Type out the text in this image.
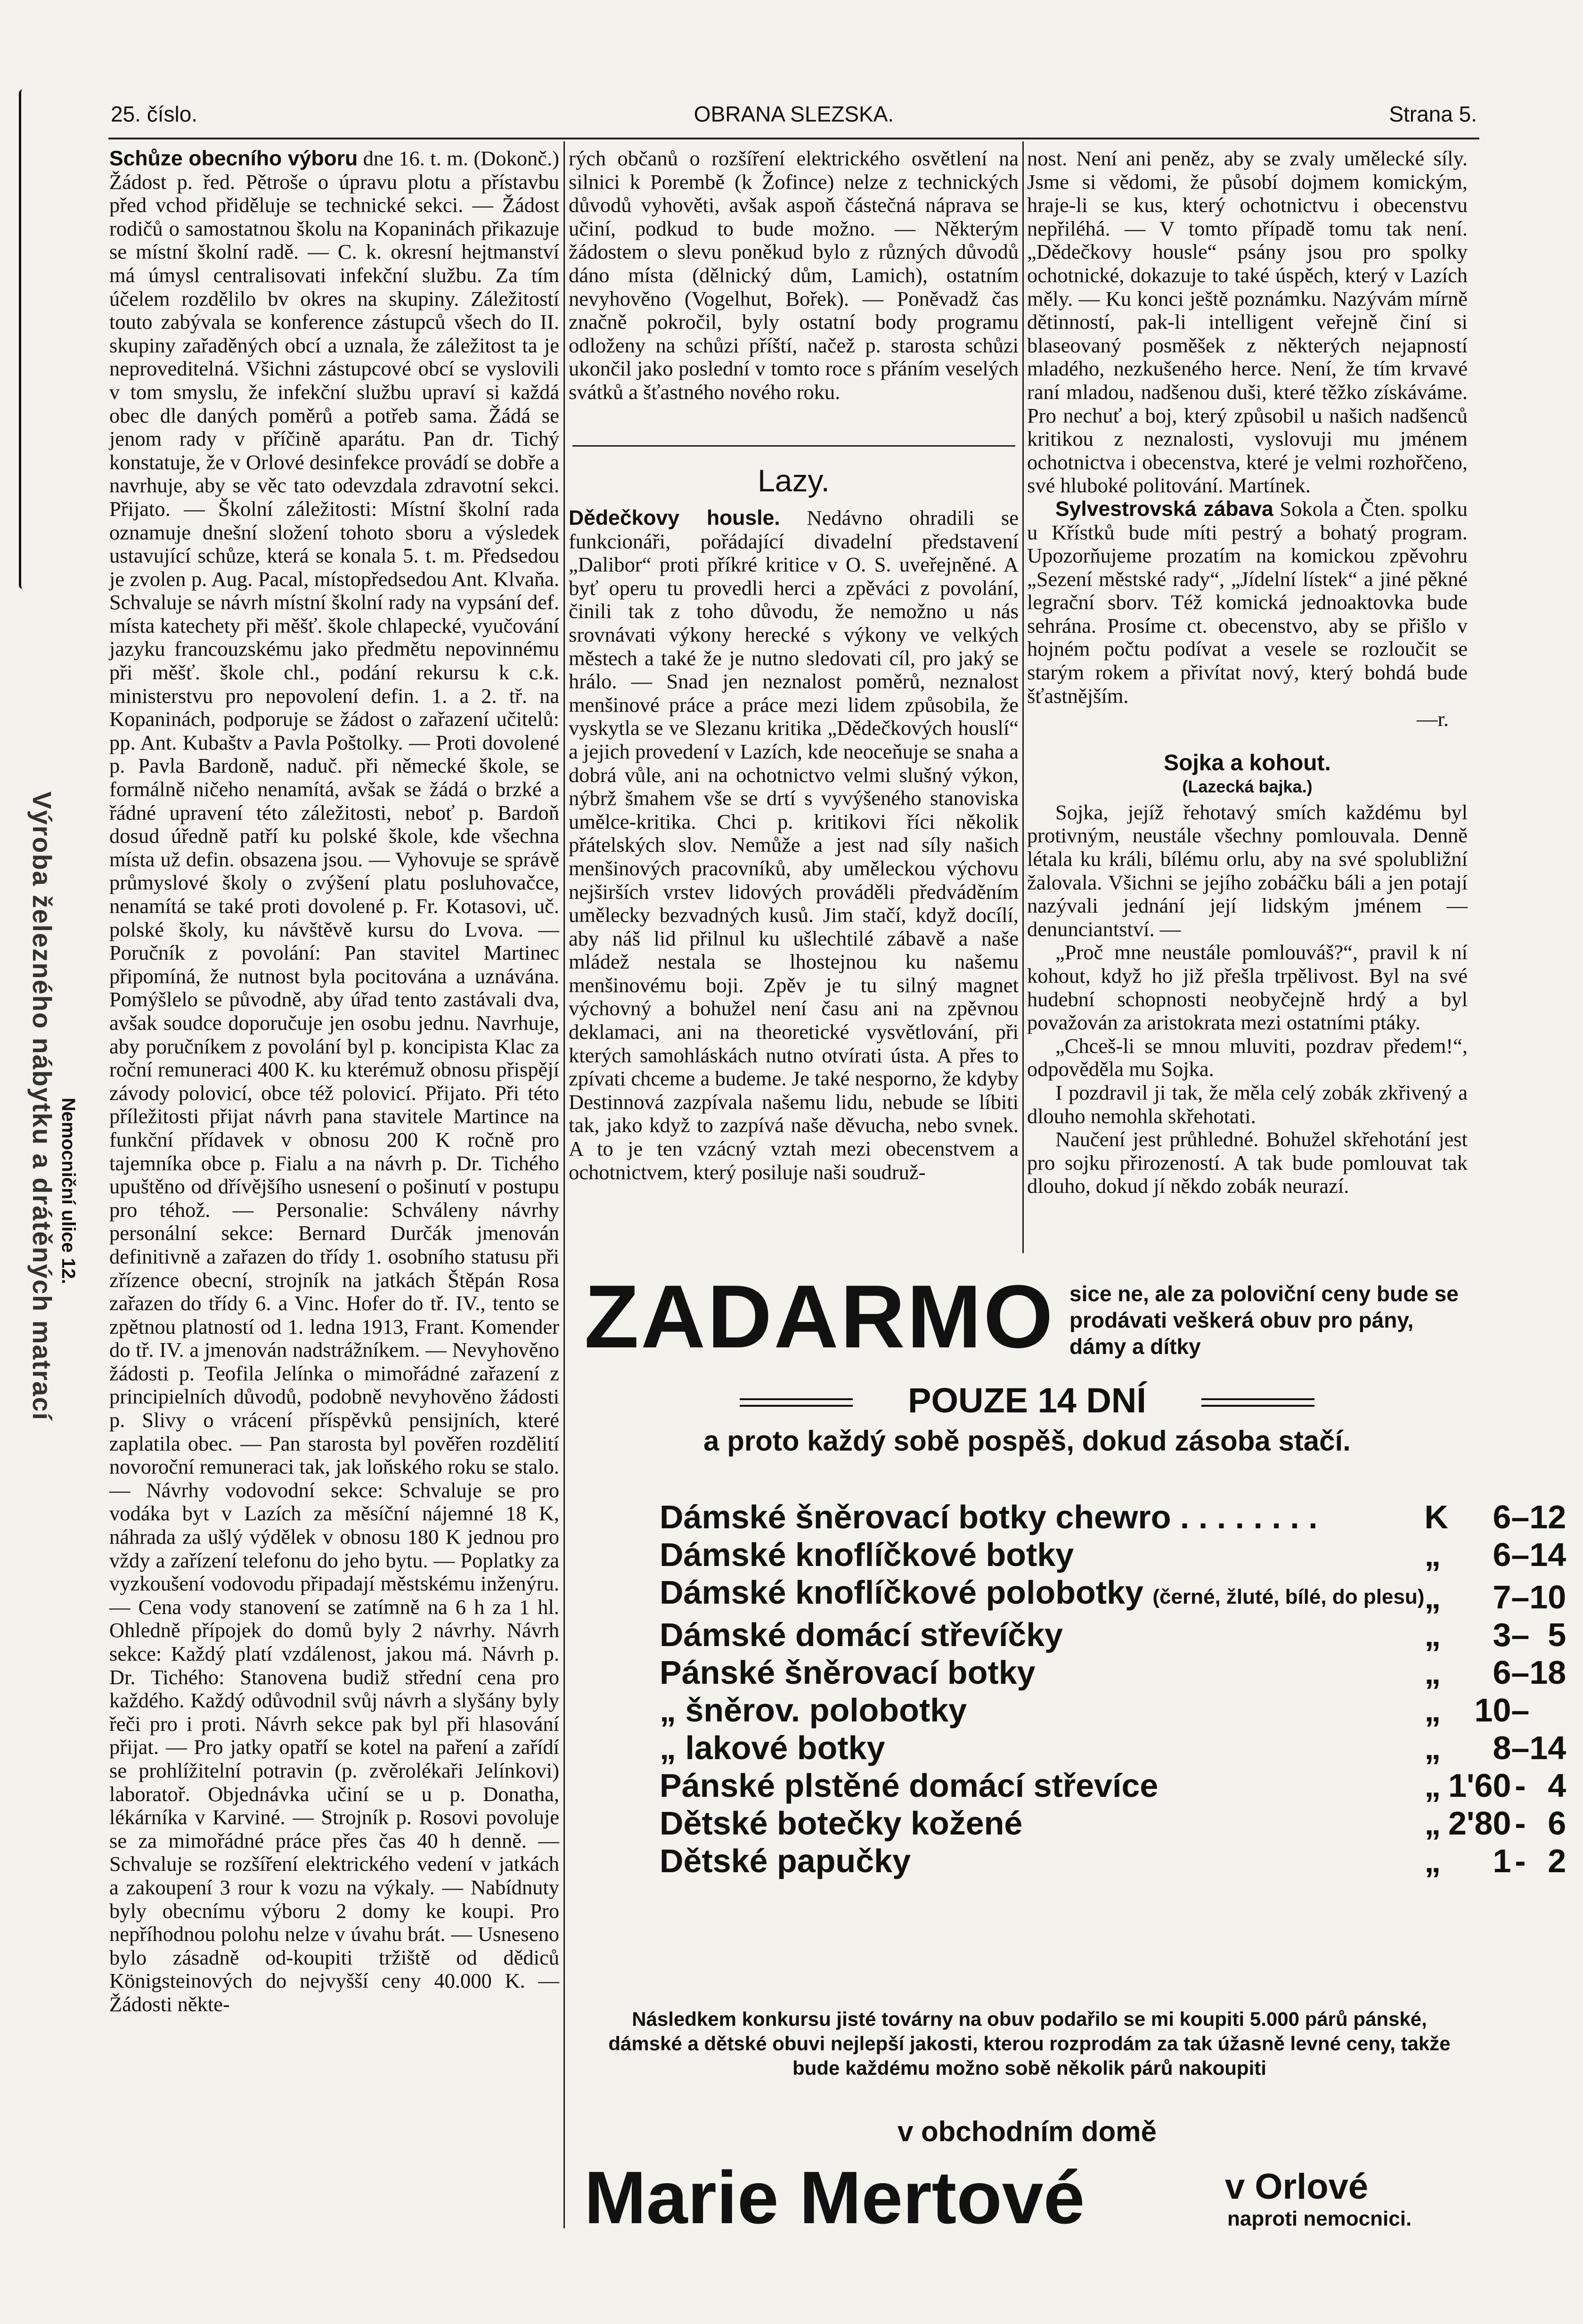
25. číslo.	OBRANA SLEZSKA.	Strana 5.

Schůze obecního výboru dne 16. t. m. (Dokonč.) Žádost p. řed. Pětroše o úpravu plotu a přístavbu před vchod přiděluje se technické sekci. — Žádost rodičů o samostatnou školu na Kopaninách přikazuje se místní školní radě. — C. k. okresní hejtmanství má úmysl centralisovati infekční službu. Za tím účelem rozdělilo bv okres na skupiny. Záležitostí touto zabývala se konference zástupců všech do II. skupiny zařaděných obcí a uznala, že záležitost ta je neproveditelná. Všichni zástupcové obcí se vyslovili v tom smyslu, že infekční službu upraví si každá obec dle daných poměrů a potřeb sama. Žádá se jenom rady v příčině aparátu. Pan dr. Tichý konstatuje, že v Orlové desinfekce provádí se dobře a navrhuje, aby se věc tato odevzdala zdravotní sekci. Přijato. — Školní záležitosti: Místní školní rada oznamuje dnešní složení tohoto sboru a výsledek ustavující schůze, která se konala 5. t. m. Předsedou je zvolen p. Aug. Pacal, místopředsedou Ant. Klvaňa. Schvaluje se návrh místní školní rady na vypsání def. místa katechety při měšť. škole chlapecké, vyučování jazyku francouzskému jako předmětu nepovinnému při měšť. škole chl., podání rekursu k c.k. ministerstvu pro nepovolení defin. 1. a 2. tř. na Kopaninách, podporuje se žádost o zařazení učitelů: pp. Ant. Kubaštv a Pavla Poštolky. — Proti dovolené p. Pavla Bardoně, naduč. při německé škole, se formálně ničeho nenamítá, avšak se žádá o brzké a řádné upravení této záležitosti, neboť p. Bardoň dosud úředně patří ku polské škole, kde všechna místa už defin. obsazena jsou. — Vyhovuje se správě průmyslové školy o zvýšení platu posluhovačce, nenamítá se také proti dovolené p. Fr. Kotasovi, uč. polské školy, ku návštěvě kursu do Lvova. — Poručník z povolání: Pan stavitel Martinec připomíná, že nutnost byla pocitována a uznávána. Pomýšlelo se původně, aby úřad tento zastávali dva, avšak soudce doporučuje jen osobu jednu. Navrhuje, aby poručníkem z povolání byl p. koncipista Klac za roční remuneraci 400 K. ku kterémuž obnosu přispějí závody polovicí, obce též polovicí. Přijato. Při této příležitosti přijat návrh pana stavitele Martince na funkční přídavek v obnosu 200 K ročně pro tajemníka obce p. Fialu a na návrh p. Dr. Tichého upuštěno od dřívějšího usnesení o pošinutí v postupu pro téhož. — Personalie: Schváleny návrhy personální sekce: Bernard Durčák jmenován definitivně a zařazen do třídy 1. osobního statusu při zřízence obecní, strojník na jatkách Štěpán Rosa zařazen do třídy 6. a Vinc. Hofer do tř. IV., tento se zpětnou platností od 1. ledna 1913, Frant. Komender do tř. IV. a jmenován nadstrážníkem. — Nevyhověno žádosti p. Teofila Jelínka o mimořádné zařazení z principielních důvodů, podobně nevyhověno žádosti p. Slivy o vrácení příspěvků pensijních, které zaplatila obec. — Pan starosta byl pověřen rozdělití novoroční remuneraci tak, jak loňského roku se stalo. — Návrhy vodovodní sekce: Schvaluje se pro vodáka byt v Lazích za měsíční nájemné 18 K, náhrada za ušlý výdělek v obnosu 180 K jednou pro vždy a zařízení telefonu do jeho bytu. — Poplatky za vyzkoušení vodovodu připadají městskému inženýru. — Cena vody stanovení se zatímně na 6 h za 1 hl. Ohledně přípojek do domů byly 2 návrhy. Návrh sekce: Každý platí vzdálenost, jakou má. Návrh p. Dr. Tichého: Stanovena budiž střední cena pro každého. Každý odůvodnil svůj návrh a slyšány byly řeči pro i proti. Návrh sekce pak byl při hlasování přijat. — Pro jatky opatří se kotel na paření a zařídí se prohlížitelní potravin (p. zvěrolékaři Jelínkovi) laboratoř. Objednávka učiní se u p. Donatha, lékárníka v Karviné. — Strojník p. Rosovi povoluje se za mimořádné práce přes čas 40 h denně. — Schvaluje se rozšíření elektrického vedení v jatkách a zakoupení 3 rour k vozu na výkaly. — Nabídnuty byly obecnímu výboru 2 domy ke koupi. Pro nepříhodnou polohu nelze v úvahu brát. — Usneseno bylo zásadně od-koupiti tržiště od dědiců Königsteinových do nejvyšší ceny 40.000 K. — Žádosti někte-

rých občanů o rozšíření elektrického osvětlení na silnici k Porembě (k Žofince) nelze z technických důvodů vyhověti, avšak aspoň částečná náprava se učiní, podkud to bude možno. — Některým žádostem o slevu poněkud bylo z různých důvodů dáno místa (dělnický dům, Lamich), ostatním nevyhověno (Vogelhut, Bořek). — Poněvadž čas značně pokročil, byly ostatní body programu odloženy na schůzi příští, načež p. starosta schůzi ukončil jako poslední v tomto roce s přáním veselých svátků a šťastného nového roku.

Lazy.

Dědečkovy housle. Nedávno ohradili se funkcionáři, pořádající divadelní představení „Dalibor“ proti příkré kritice v O. S. uveřejněné. A byť operu tu provedli herci a zpěváci z povolání, činili tak z toho důvodu, že nemožno u nás srovnávati výkony herecké s výkony ve velkých městech a také že je nutno sledovati cíl, pro jaký se hrálo. — Snad jen neznalost poměrů, neznalost menšinové práce a práce mezi lidem způsobila, že vyskytla se ve Slezanu kritika „Dědečkových houslí“ a jejich provedení v Lazích, kde neoceňuje se snaha a dobrá vůle, ani na ochotnictvo velmi slušný výkon, nýbrž šmahem vše se drtí s vyvýšeného stanoviska umělce-kritika. Chci p. kritikovi říci několik přátelských slov. Nemůže a jest nad síly našich menšinových pracovníků, aby uměleckou výchovu nejširších vrstev lidových prováděli předváděním umělecky bezvadných kusů. Jim stačí, když docílí, aby náš lid přilnul ku ušlechtilé zábavě a naše mládež nestala se lhostejnou ku našemu menšinovému boji. Zpěv je tu silný magnet výchovný a bohužel není času ani na zpěvnou deklamaci, ani na theoretické vysvětlování, při kterých samohláskách nutno otvírati ústa. A přes to zpívati chceme a budeme. Je také nesporno, že kdyby Destinnová zazpívala našemu lidu, nebude se líbiti tak, jako když to zazpívá naše děvucha, nebo svnek. A to je ten vzácný vztah mezi obecenstvem a ochotnictvem, který posiluje naši soudruž-

nost. Není ani peněz, aby se zvaly umělecké síly. Jsme si vědomi, že působí dojmem komickým, hraje-li se kus, který ochotnictvu i obecenstvu nepřiléhá. — V tomto případě tomu tak není. „Dědečkovy housle“ psány jsou pro spolky ochotnické, dokazuje to také úspěch, který v Lazích měly. — Ku konci ještě poznámku. Nazývám mírně dětinností, pak-li intelligent veřejně činí si blaseovaný posměšek z některých nejapností mladého, nezkušeného herce. Není, že tím krvavé raní mladou, nadšenou duši, které těžko získáváme. Pro nechuť a boj, který způsobil u našich nadšenců kritikou z neznalosti, vyslovuji mu jménem ochotnictva i obecenstva, které je velmi rozhořčeno, své hluboké politování. Martínek.

Sylvestrovská zábava Sokola a Čten. spolku u Křístků bude míti pestrý a bohatý program. Upozorňujeme prozatím na komickou zpěvohru „Sezení městské rady“, „Jídelní lístek“ a jiné pěkné legrační sborv. Též komická jednoaktovka bude sehrána. Prosíme ct. obecenstvo, aby se přišlo v hojném počtu podívat a vesele se rozloučit se starým rokem a přivítat nový, který bohdá bude šťastnějším.

—r.

Sojka a kohout.
(Lazecká bajka.)

Sojka, jejíž řehotavý smích každému byl protivným, neustále všechny pomlouvala. Denně létala ku králi, bílému orlu, aby na své spolubližní žalovala. Všichni se jejího zobáčku báli a jen potají nazývali jednání její lidským jménem — denunciantství. —

„Proč mne neustále pomlouváš?“, pravil k ní kohout, když ho již přešla trpělivost. Byl na své hudební schopnosti neobyčejně hrdý a byl považován za aristokrata mezi ostatními ptáky.

„Chceš-li se mnou mluviti, pozdrav předem!“, odpověděla mu Sojka.

I pozdravil ji tak, že měla celý zobák zkřivený a dlouho nemohla skřehotati.

Naučení jest průhledné. Bohužel skřehotání jest pro sojku přirozeností. A tak bude pomlouvat tak dlouho, dokud jí někdo zobák neurazí.

ZADARMO sice ne, ale za poloviční ceny bude se prodávati veškerá obuv pro pány, dámy a dítky
POUZE 14 DNÍ
a proto každý sobě pospěš, dokud zásoba stačí.
Dámské šněrovací botky chewro . . . . . . . .	K	6	–	12
Dámské knoflíčkové botky	„	6	–	14
Dámské knoflíčkové polobotky (černé, žluté, bílé, do plesu)	„	7	–	10
Dámské domácí střevíčky	„	3	–	5
Pánské šněrovací botky	„	6	–	18
„ šněrov. polobotky	„	10	–	
„ lakové botky	„	8	–	14
Pánské plstěné domácí střevíce	„	1'60	-	4
Dětské botečky kožené	„	2'80	-	6
Dětské papučky	„	1	-	2
Následkem konkursu jisté továrny na obuv podařilo se mi koupiti 5.000 párů pánské, dámské a dětské obuvi nejlepší jakosti, kterou rozprodám za tak úžasně levné ceny, takže bude každému možno sobě několik párů nakoupiti
v obchodním domě
Marie Mertové	v Orlové
naproti nemocnici.
Výroba železného nábytku a drátěných matrací Nemocniční ulice 12.
